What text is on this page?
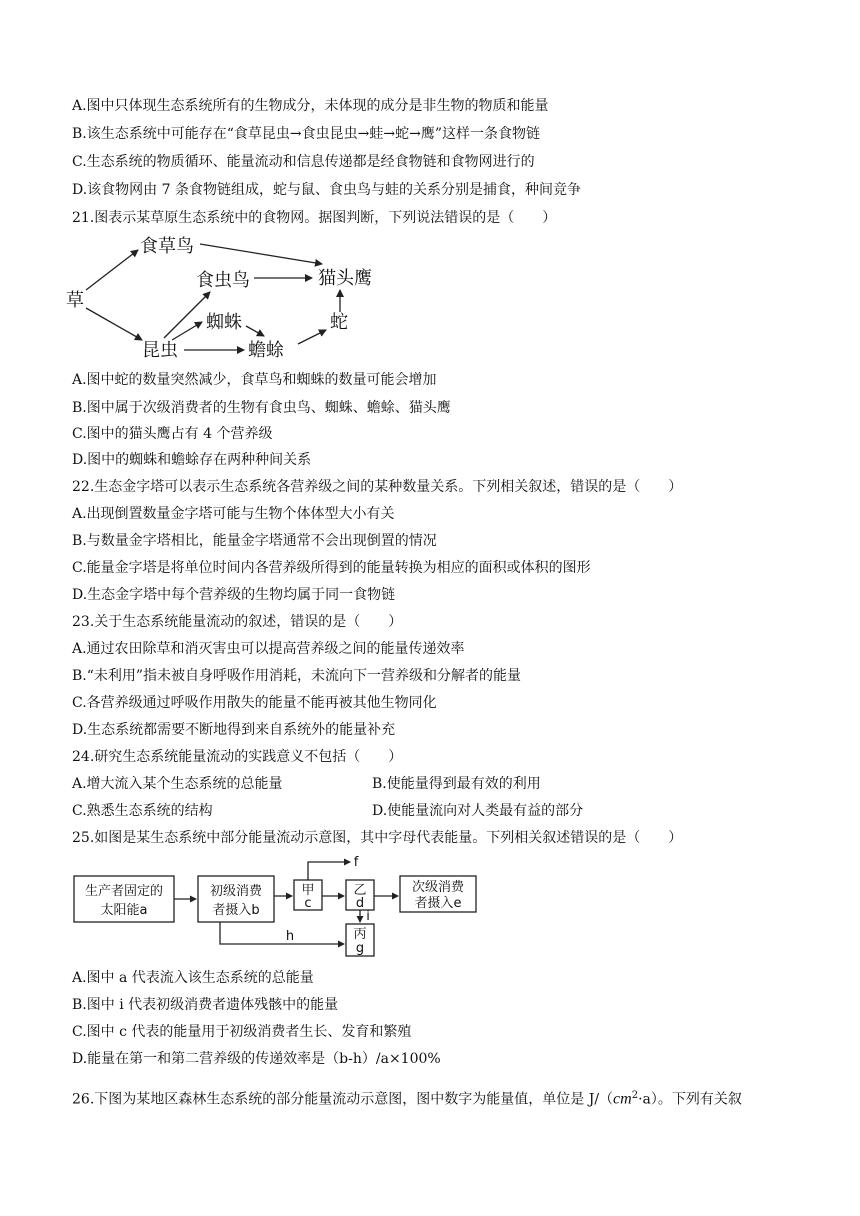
A.图中只体现生态系统所有的生物成分，未体现的成分是非生物的物质和能量
B.该生态系统中可能存在“食草昆虫→食虫昆虫→蛙→蛇→鹰”这样一条食物链
C.生态系统的物质循环、能量流动和信息传递都是经食物链和食物网进行的
D.该食物网由 7 条食物链组成，蛇与鼠、食虫鸟与蛙的关系分别是捕食，种间竞争
21.图表示某草原生态系统中的食物网。据图判断，下列说法错误的是（　　）
草
食草鸟
食虫鸟	猫头鹰
蜘蛛
昆虫	蟾蜍
蛇
A.图中蛇的数量突然减少，食草鸟和蜘蛛的数量可能会增加
B.图中属于次级消费者的生物有食虫鸟、蜘蛛、蟾蜍、猫头鹰
C.图中的猫头鹰占有 4 个营养级
D.图中的蜘蛛和蟾蜍存在两种种间关系
22.生态金字塔可以表示生态系统各营养级之间的某种数量关系。下列相关叙述，错误的是（　　）
A.出现倒置数量金字塔可能与生物个体体型大小有关
B.与数量金字塔相比，能量金字塔通常不会出现倒置的情况
C.能量金字塔是将单位时间内各营养级所得到的能量转换为相应的面积或体积的图形
D.生态金字塔中每个营养级的生物均属于同一食物链
23.关于生态系统能量流动的叙述，错误的是（　　）
A.通过农田除草和消灭害虫可以提高营养级之间的能量传递效率
B.“未利用”指未被自身呼吸作用消耗，未流向下一营养级和分解者的能量
C.各营养级通过呼吸作用散失的能量不能再被其他生物同化
D.生态系统都需要不断地得到来自系统外的能量补充
24.研究生态系统能量流动的实践意义不包括（　　）
A.增大流入某个生态系统的总能量	B.使能量得到最有效的利用
C.熟悉生态系统的结构	D.使能量流向对人类最有益的部分
25.如图是某生态系统中部分能量流动示意图，其中字母代表能量。下列相关叙述错误的是（　　）
生产者固定的
太阳能a
初级消费
者摄入b
甲
c
乙
d
次级消费
者摄入e
丙
g
f
i
h
A.图中 a 代表流入该生态系统的总能量
B.图中 i 代表初级消费者遗体残骸中的能量
C.图中 c 代表的能量用于初级消费者生长、发育和繁殖
D.能量在第一和第二营养级的传递效率是（b-h）/a×100%
26.下图为某地区森林生态系统的部分能量流动示意图，图中数字为能量值，单位是 $J/(cm^2\cdot a)$。下列有关叙
